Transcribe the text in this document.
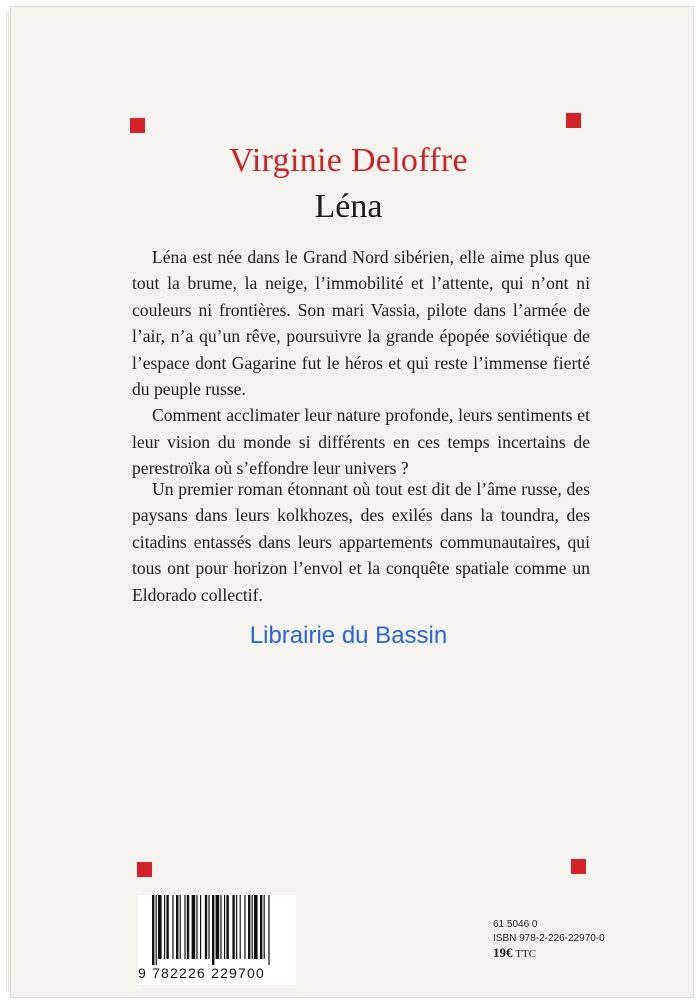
Virginie Deloffre
Léna

Léna est née dans le Grand Nord sibérien, elle aime plus que tout la brume, la neige, l’immobilité et l’attente, qui n’ont ni couleurs ni frontières. Son mari Vassia, pilote dans l’armée de l’air, n’a qu’un rêve, poursuivre la grande épopée soviétique de l’espace dont Gagarine fut le héros et qui reste l’immense fierté du peuple russe.

Comment acclimater leur nature profonde, leurs sentiments et leur vision du monde si différents en ces temps incertains de perestroïka où s’effondre leur univers ?

Un premier roman étonnant où tout est dit de l’âme russe, des paysans dans leurs kolkhozes, des exilés dans la toundra, des citadins entassés dans leurs appartements communautaires, qui tous ont pour horizon l’envol et la conquête spatiale comme un Eldorado collectif.

Librairie du Bassin
9 782226 229700
61 5046 0
ISBN 978-2-226-22970-0
19€ TTC
